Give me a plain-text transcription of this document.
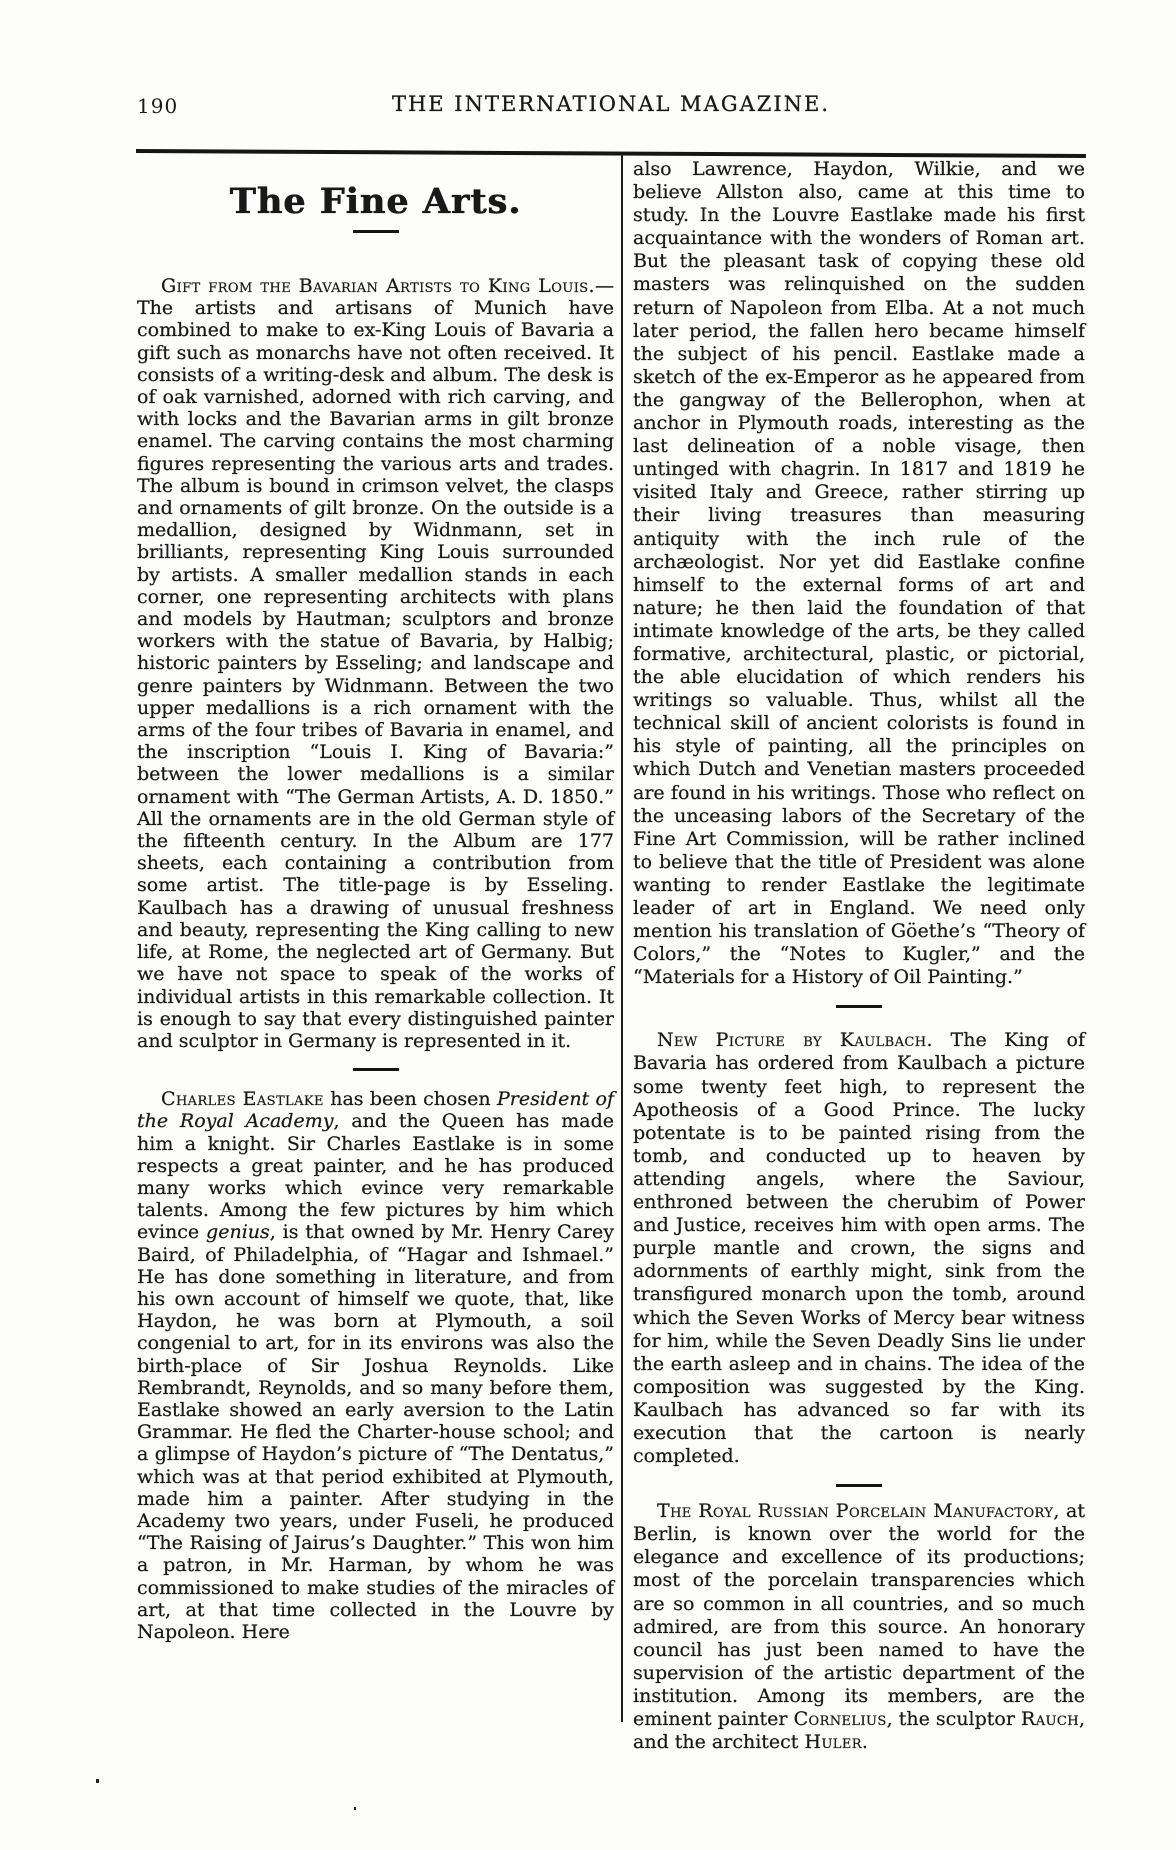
190	THE INTERNATIONAL MAGAZINE.
The Fine Arts.

Gift from the Bavarian Artists to King Louis.—The artists and artisans of Munich have combined to make to ex-King Louis of Bavaria a gift such as monarchs have not often received. It consists of a writing-desk and album. The desk is of oak varnished, adorned with rich carving, and with locks and the Bavarian arms in gilt bronze enamel. The carving contains the most charming figures representing the various arts and trades. The album is bound in crimson velvet, the clasps and ornaments of gilt bronze. On the outside is a medallion, designed by Widnmann, set in brilliants, representing King Louis surrounded by artists. A smaller medallion stands in each corner, one representing architects with plans and models by Hautman; sculptors and bronze workers with the statue of Bavaria, by Halbig; historic painters by Esseling; and landscape and genre painters by Widnmann. Between the two upper medallions is a rich ornament with the arms of the four tribes of Bavaria in enamel, and the inscription “Louis I. King of Bavaria:” between the lower medallions is a similar ornament with “The German Artists, A. D. 1850.” All the ornaments are in the old German style of the fifteenth century. In the Album are 177 sheets, each containing a contribution from some artist. The title-page is by Esseling. Kaulbach has a drawing of unusual freshness and beauty, representing the King calling to new life, at Rome, the neglected art of Germany. But we have not space to speak of the works of individual artists in this remarkable collection. It is enough to say that every distinguished painter and sculptor in Germany is represented in it.

Charles Eastlake has been chosen President of the Royal Academy, and the Queen has made him a knight. Sir Charles Eastlake is in some respects a great painter, and he has produced many works which evince very remarkable talents. Among the few pictures by him which evince genius, is that owned by Mr. Henry Carey Baird, of Philadelphia, of “Hagar and Ishmael.” He has done something in literature, and from his own account of himself we quote, that, like Haydon, he was born at Plymouth, a soil congenial to art, for in its environs was also the birth-place of Sir Joshua Reynolds. Like Rembrandt, Reynolds, and so many before them, Eastlake showed an early aversion to the Latin Grammar. He fled the Charter-house school; and a glimpse of Haydon’s picture of “The Dentatus,” which was at that period exhibited at Plymouth, made him a painter. After studying in the Academy two years, under Fuseli, he produced “The Raising of Jairus’s Daughter.” This won him a patron, in Mr. Harman, by whom he was commissioned to make studies of the miracles of art, at that time collected in the Louvre by Napoleon. Here

also Lawrence, Haydon, Wilkie, and we believe Allston also, came at this time to study. In the Louvre Eastlake made his first acquaintance with the wonders of Roman art. But the pleasant task of copying these old masters was relinquished on the sudden return of Napoleon from Elba. At a not much later period, the fallen hero became himself the subject of his pencil. Eastlake made a sketch of the ex-Emperor as he appeared from the gangway of the Bellerophon, when at anchor in Plymouth roads, interesting as the last delineation of a noble visage, then untinged with chagrin. In 1817 and 1819 he visited Italy and Greece, rather stirring up their living treasures than measuring antiquity with the inch rule of the archæologist. Nor yet did Eastlake confine himself to the external forms of art and nature; he then laid the foundation of that intimate knowledge of the arts, be they called formative, architectural, plastic, or pictorial, the able elucidation of which renders his writings so valuable. Thus, whilst all the technical skill of ancient colorists is found in his style of painting, all the principles on which Dutch and Venetian masters proceeded are found in his writings. Those who reflect on the unceasing labors of the Secretary of the Fine Art Commission, will be rather inclined to believe that the title of President was alone wanting to render Eastlake the legitimate leader of art in England. We need only mention his translation of Göethe’s “Theory of Colors,” the “Notes to Kugler,” and the “Materials for a History of Oil Painting.”

New Picture by Kaulbach. The King of Bavaria has ordered from Kaulbach a picture some twenty feet high, to represent the Apotheosis of a Good Prince. The lucky potentate is to be painted rising from the tomb, and conducted up to heaven by attending angels, where the Saviour, enthroned between the cherubim of Power and Justice, receives him with open arms. The purple mantle and crown, the signs and adornments of earthly might, sink from the transfigured monarch upon the tomb, around which the Seven Works of Mercy bear witness for him, while the Seven Deadly Sins lie under the earth asleep and in chains. The idea of the composition was suggested by the King. Kaulbach has advanced so far with its execution that the cartoon is nearly completed.

The Royal Russian Porcelain Manufactory, at Berlin, is known over the world for the elegance and excellence of its productions; most of the porcelain transparencies which are so common in all countries, and so much admired, are from this source. An honorary council has just been named to have the supervision of the artistic department of the institution. Among its members, are the eminent painter Cornelius, the sculptor Rauch, and the architect Huler.
